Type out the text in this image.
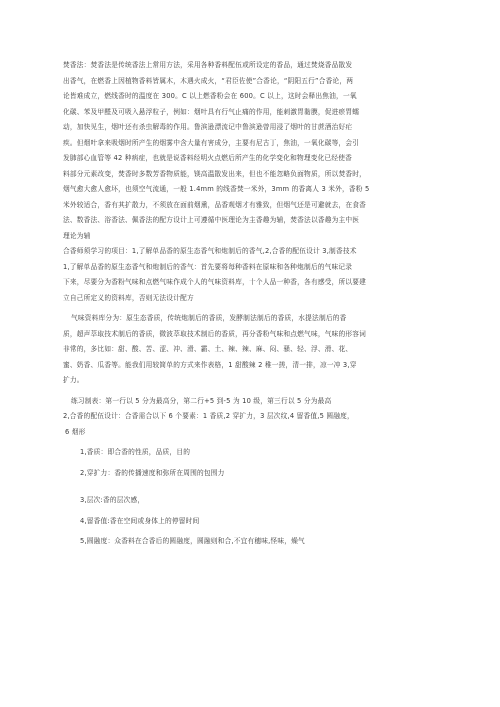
焚香法：焚香法是传统香法上常用方法，采用各种香料配伍或所设定的香品，通过焚烧香品散发

出香气，在燃香上因植物香料皆属木，木遇火成火，“君臣佐使”合香论，“阴阳五行”合香论，两

论皆难成立，燃线香时的温度在 300。C 以上燃香粉会在 600。C 以上，这时会释出焦油，一氧

化碳、苯及甲醛及可吸入悬浮粒子，例如：烟叶具有行气止痛的作用，能刺激胃黏膜，促进瘀胃蠕

动，加快见生，烟叶还有杀虫解毒的作用。鲁滨逊漂流记中鲁滨逊曾用浸了烟叶的甘蔗酒治好疟

疾。但烟叶拿来吸烟时所产生的烟雾中含大量有害成分，主要有尼古丁，焦油，一氧化碳等，会引

发肺部心血管等 42 种病症，也就是说香料经明火点燃后所产生的化学变化和物理变化已经使香

料部分元素改变，焚香时多数芳香物质能，镁高温散发出来，但也不能忽略负面物质，所以焚香时，

烟气愈大愈人愈坏，也须空气流通，一般 1.4mm 的线香焚一米外，3mm 的香离人 3 米外，香粉 5

米外较适合，香有其扩散力，不须放在面前烟熏，品香观烟才有雅致，但烟气还是可避就去，在食香

法、数香法、浴香法、佩香法的配方设计上可遵循中医理论为主香趣为辅，焚香法以香趣为主中医

理论为辅

合香师须学习的项目：1,了解单品香的原生态香气和炮制后的香气,2,合香的配伍设计 3,制香技术

1,了解单品香的原生态香气和炮制后的香气：首先要将每种香料在原味和各种炮制后的气味记录

下来，尽要分为香粉气味和点燃气味作成个人的气味资料库，十个人品一种香，各有感受，所以要建

立自己所定义的资料库，否则无法设计配方

气味资料库分为：原生态香质，传统炮制后的香质，发酵制法制后的香质，水提法制后的香

质，超声萃取技术制后的香质，微波萃取技术制后的香质，再分香粉气味和点燃气味，气味的形容词

非常的，多比如：甜、酸、苦、涩、冲、滑、霸、土、辣、辣、麻、闷、骚、轻、浮、滑、花、

蜜、奶香、瓜香等。能我们用较简单的方式来作表格，1 甜酸辣 2 稚一搓，清一排，凉一冲 3,穿

扩力。

练习制表：第一行以 5 分为最高分，第二行+5 到-5 为 10 级，第三行以 5 分为最高

2,合香的配伍设计：合香需合以下 6 个要素：1 香质,2 穿扩力，3 层次纹,4 留香值,5 圆融度，

6 烟形

1,香质：即合香的性质，品质，目的

2,穿扩力：香的传播速度和弥所在周围的包围力

3,层次:香的层次感，

4,留香值:香在空间或身体上的停留时间

5,圆融度：众香料在合香后的圆融度，圆融则和合,不宜有穗味,怪味，燥气
